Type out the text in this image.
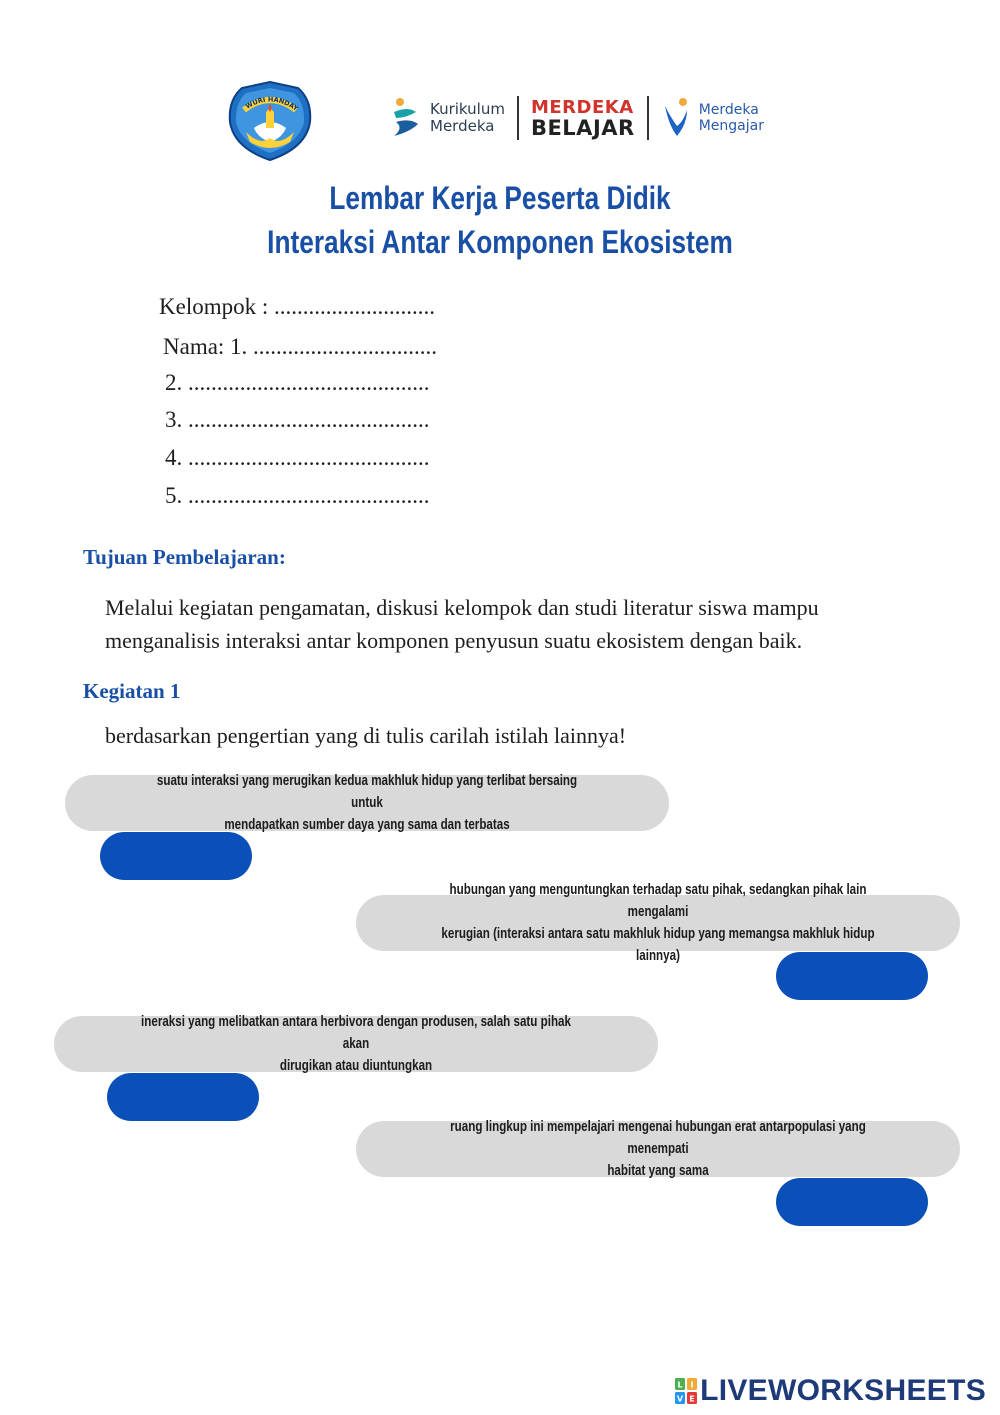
WURI HANDAY	Kurikulum
Merdeka
MERDEKA
BELAJAR
Merdeka
Mengajar
Lembar Kerja Peserta Didik
Interaksi Antar Komponen Ekosistem
Kelompok : ............................
Nama: 1. ................................
2. ..........................................
3. ..........................................
4. ..........................................
5. ..........................................
Tujuan Pembelajaran:
Melalui kegiatan pengamatan, diskusi kelompok dan studi literatur siswa mampu
menganalisis interaksi antar komponen penyusun suatu ekosistem dengan baik.
Kegiatan 1
berdasarkan pengertian yang di tulis carilah istilah lainnya!
suatu interaksi yang merugikan kedua makhluk hidup yang terlibat bersaing untuk
mendapatkan sumber daya yang sama dan terbatas
hubungan yang menguntungkan terhadap satu pihak, sedangkan pihak lain mengalami
kerugian (interaksi antara satu makhluk hidup yang memangsa makhluk hidup lainnya)
ineraksi yang melibatkan antara herbivora dengan produsen, salah satu pihak akan
dirugikan atau diuntungkan
ruang lingkup ini mempelajari mengenai hubungan erat antarpopulasi yang menempati
habitat yang sama
L I
V E LIVEWORKSHEETS
